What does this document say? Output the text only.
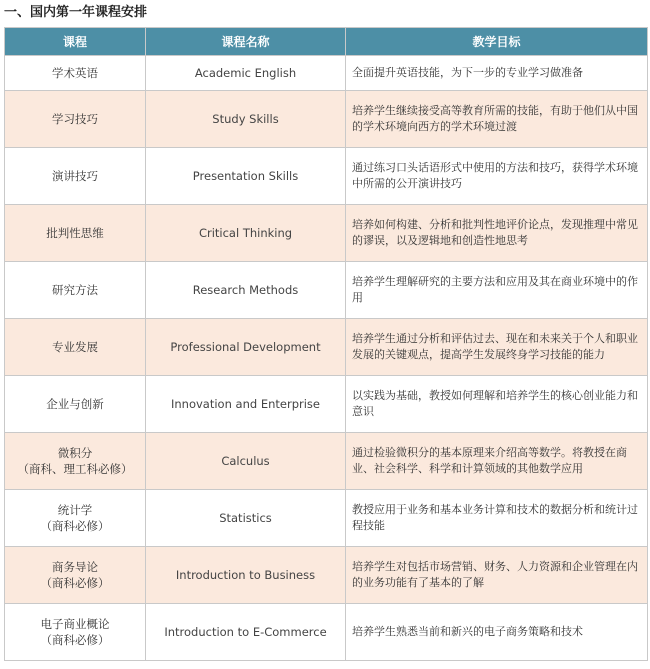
一、国内第一年课程安排
课程	课程名称	教学目标

学术英语	Academic English	全面提升英语技能，为下一步的专业学习做准备

学习技巧	Study Skills	培养学生继续接受高等教育所需的技能，有助于他们从中国的学术环境向西方的学术环境过渡

演讲技巧	Presentation Skills	通过练习口头话语形式中使用的方法和技巧，获得学术环境中所需的公开演讲技巧

批判性思维	Critical Thinking	培养如何构建、分析和批判性地评价论点，发现推理中常见的谬误，以及逻辑地和创造性地思考

研究方法	Research Methods	培养学生理解研究的主要方法和应用及其在商业环境中的作用

专业发展	Professional Development	培养学生通过分析和评估过去、现在和未来关于个人和职业发展的关键观点，提高学生发展终身学习技能的能力

企业与创新	Innovation and Enterprise	以实践为基础，教授如何理解和培养学生的核心创业能力和意识

微积分
（商科、理工科必修）	Calculus	通过检验微积分的基本原理来介绍高等数学。将教授在商业、社会科学、科学和计算领域的其他数学应用

统计学
（商科必修）	Statistics	教授应用于业务和基本业务计算和技术的数据分析和统计过程技能

商务导论
（商科必修）	Introduction to Business	培养学生对包括市场营销、财务、人力资源和企业管理在内的业务功能有了基本的了解

电子商业概论
（商科必修）	Introduction to E-Commerce	培养学生熟悉当前和新兴的电子商务策略和技术
